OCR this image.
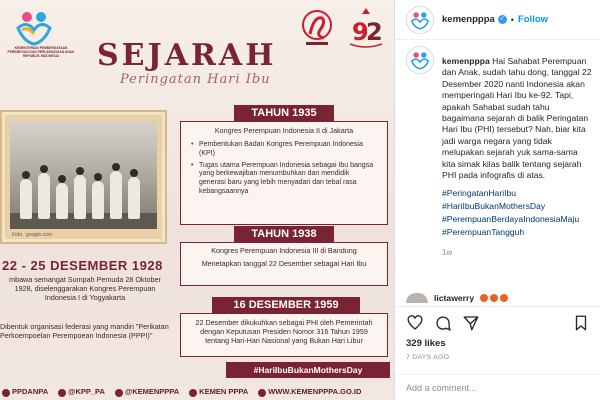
KEMENTERIAN PEMBERDAYAAN PEREMPUAN DAN PERLINDUNGAN ANAK REPUBLIK INDONESIA
9
2
SEJARAH
Peringatan Hari Ibu
Foto : google.com
TAHUN 1935
Kongres Perempuan Indonesia II di Jakarta
• Pembentukan Badan Kongres Perempuan Indonesia (KPI)
• Tugas utama Perempuan Indonesia sebagai Ibu bangsa yang berkewajiban menumbuhkan dan mendidik generasi baru yang lebih menyadari dan tebal rasa kebangsaannya
TAHUN 1938
Kongres Perempuan Indonesia III di Bandung
Menetapkan tanggal 22 Desember sebagai Hari Ibu
16 DESEMBER 1959
22 Desember dikukuhkan sebagai PHI oleh Pemerintah dengan Keputusan Presiden Nomor 316 Tahun 1959 tentang Hari-Hari Nasional yang Bukan Hari Libur
22 - 25 DESEMBER 1928
mbawa semangat Sumpah Pemuda 28 Oktober 1928, diselenggarakan Kongres Perempuan Indonesia I di Yogyakarta
Dibentuk organisasi federasi yang mandiri "Perikatan Perkoempoelan Perempoean Indonesia (PPPI)"
#HariIbuBukanMothersDay
PPDANPA	@KPP_PA	@KEMENPPPA	KEMEN PPPA	WWW.KEMENPPPA.GO.ID
kemenpppa ✓ • Follow
kemenpppa Hai Sahabat Perempuan dan Anak, sudah tahu dong, tanggal 22 Desember 2020 nanti Indonesia akan memperingati Hari Ibu ke-92. Tapi, apakah Sahabat sudah tahu bagaimana sejarah di balik Peringatan Hari Ibu (PHI) tersebut? Nah, biar kita jadi warga negara yang tidak melupakan sejarah yuk sama-sama kita simak kilas balik tentang sejarah PHI pada infografis di atas.
#PeringatanHariIbu
#HariIbuBukanMothersDay
#PerempuanBerdayaIndonesiaMaju
#PerempuanTangguh
1w
lictawerry
329 likes
7 DAYS AGO
Add a comment...
